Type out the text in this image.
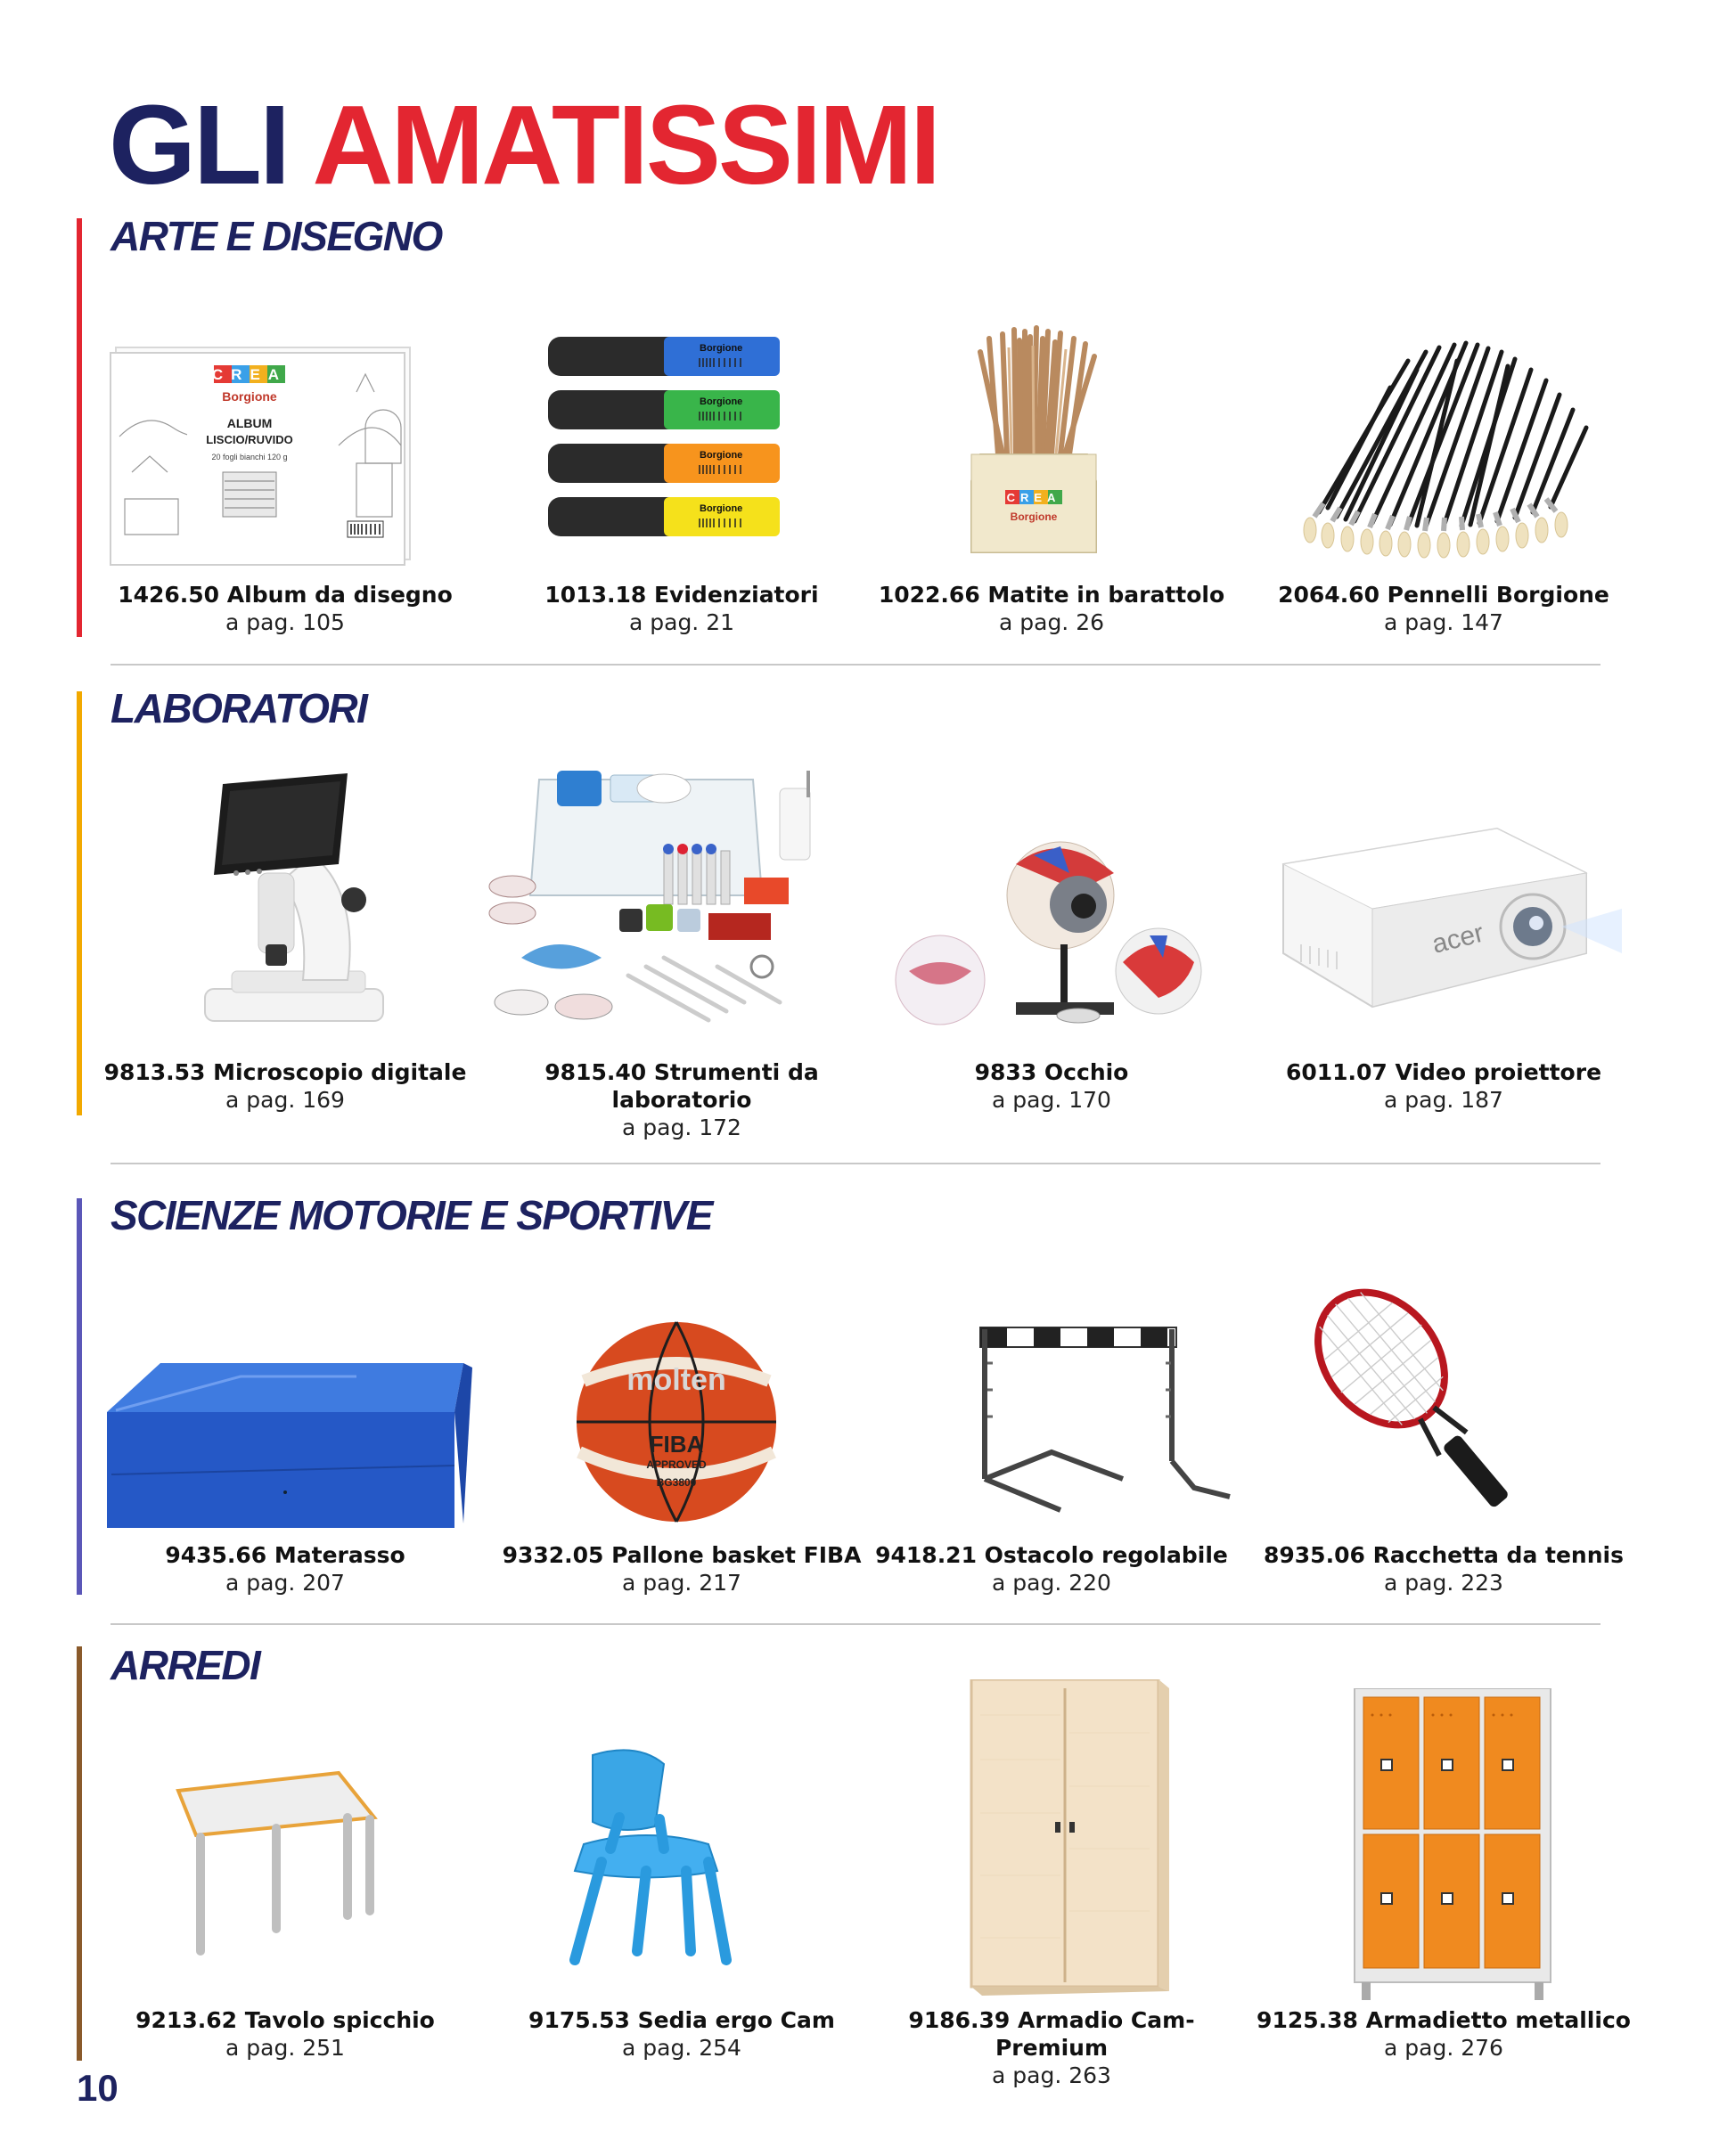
GLI AMATISSIMI
ARTE E DISEGNO
CREA
Borgione
ALBUM
LISCIO/RUVIDO
20 fogli bianchi 120 g
1426.50 Album da disegno
a pag. 105
Borgione
Borgione
Borgione
Borgione
1013.18 Evidenziatori
a pag. 21
CREA
Borgione
1022.66 Matite in barattolo
a pag. 26
2064.60 Pennelli Borgione
a pag. 147
LABORATORI
9813.53 Microscopio digitale
a pag. 169
9815.40 Strumenti da
laboratorio
a pag. 172
9833 Occhio
a pag. 170
acer
6011.07 Video proiettore
a pag. 187
SCIENZE MOTORIE E SPORTIVE
9435.66 Materasso
a pag. 207
molten
FIBA
APPROVED
BG3800
9332.05 Pallone basket FIBA
a pag. 217
9418.21 Ostacolo regolabile
a pag. 220
8935.06 Racchetta da tennis
a pag. 223
ARREDI
9213.62 Tavolo spicchio
a pag. 251
9175.53 Sedia ergo Cam
a pag. 254
9186.39 Armadio Cam-Premium
a pag. 263
9125.38 Armadietto metallico
a pag. 276
10
